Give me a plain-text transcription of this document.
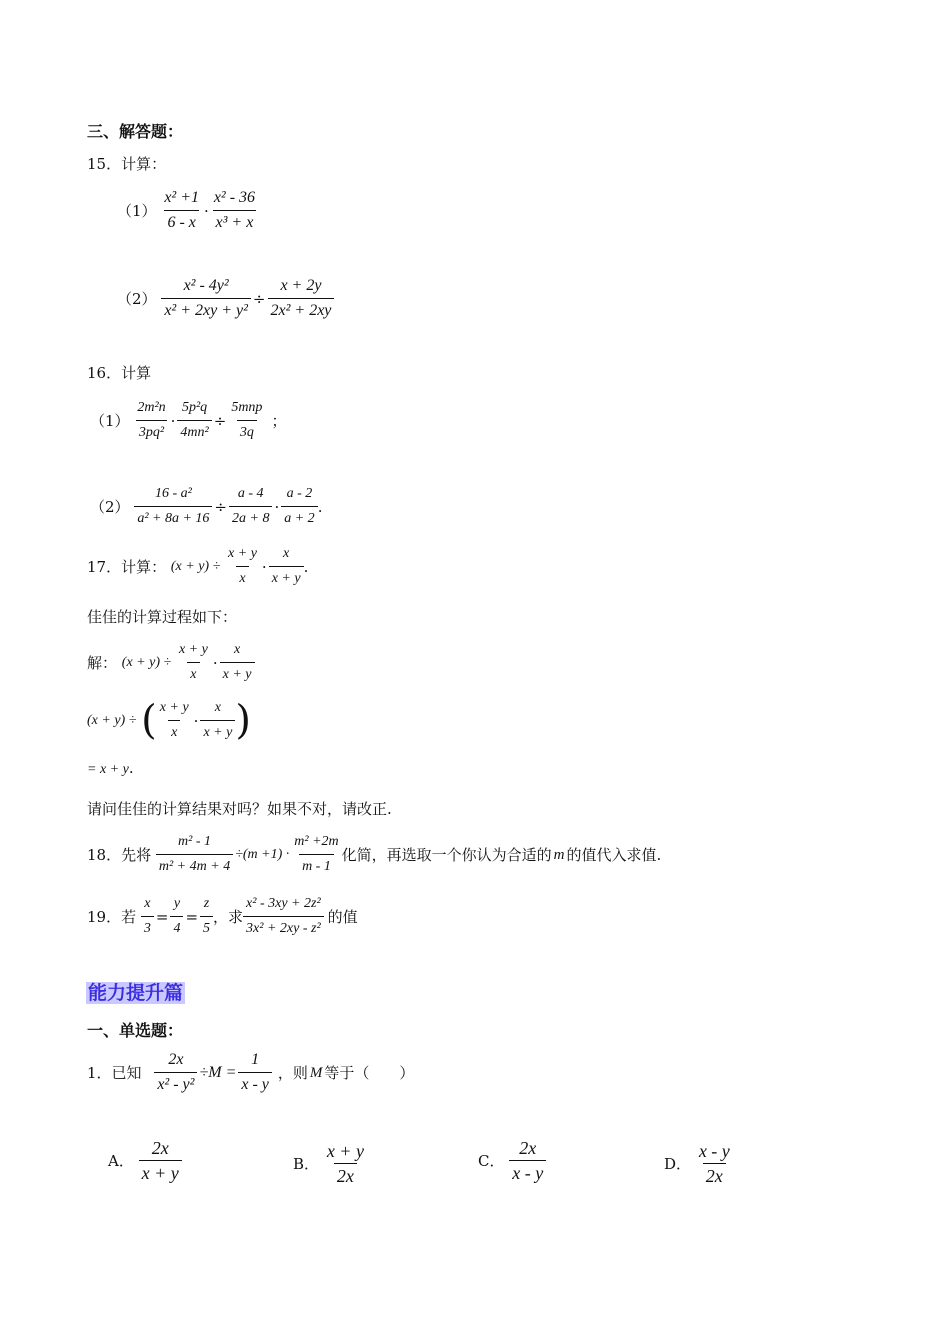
三、解答题：
15．计算：
$(1) \frac{\text{x² +1}}{6 - x} \cdot \frac{\text{x² - 36}}{\text{x³ + x}}$
$(2) \frac{\text{x² - 4y²}}{\text{x² + 2xy + y²}} \div \frac{x + 2y}{\text{2x² + 2xy}}$
16．计算
$(1) \frac{\text{2m²n}}{\text{3pq²}} \cdot \frac{\text{5p²q}}{\text{4mn²}} \div \frac{\text{5mnp}}{3q}$ ；
$(2) \frac{\text{16 - a²}}{\text{a² + 8a + 16}} \div \frac{a - 4}{2a + 8} \cdot \frac{a - 2}{a + 2}$ .
17．计算： $(x + y) \div \frac{x + y}{x} \cdot \frac{x}{x + y}$ .
佳佳的计算过程如下：
解： $(x + y) \div \frac{x + y}{x} \cdot \frac{x}{x + y}$
(x + y) ÷ ( $\frac{x + y}{x} \cdot \frac{x}{x + y}$ )
= x + y.
请问佳佳的计算结果对吗？如果不对，请改正.
18．先将 $\frac{\text{m² - 1}}{\text{m² + 4m + 4}} \div(m +1) \cdot \frac{\text{m² +2m}}{m - 1}$ 化简，再选取一个你认为合适的 m 的值代入求值.
19．若 $\frac{x}{3} = \frac{y}{4} = \frac{z}{5}$ ，求 $\frac{\text{x² - 3xy + 2z²}}{\text{3x² + 2xy - z²}}$ 的值
能力提升篇
一、单选题：
1．已知 $\frac{2x}{\text{x² - y²}} \div M = \frac{1}{x - y}$ ，则 M 等于（　　）
A． $\frac{2x}{x + y}$	B． $\frac{x + y}{2x}$	C． $\frac{2x}{x - y}$	D． $\frac{x - y}{2x}$
